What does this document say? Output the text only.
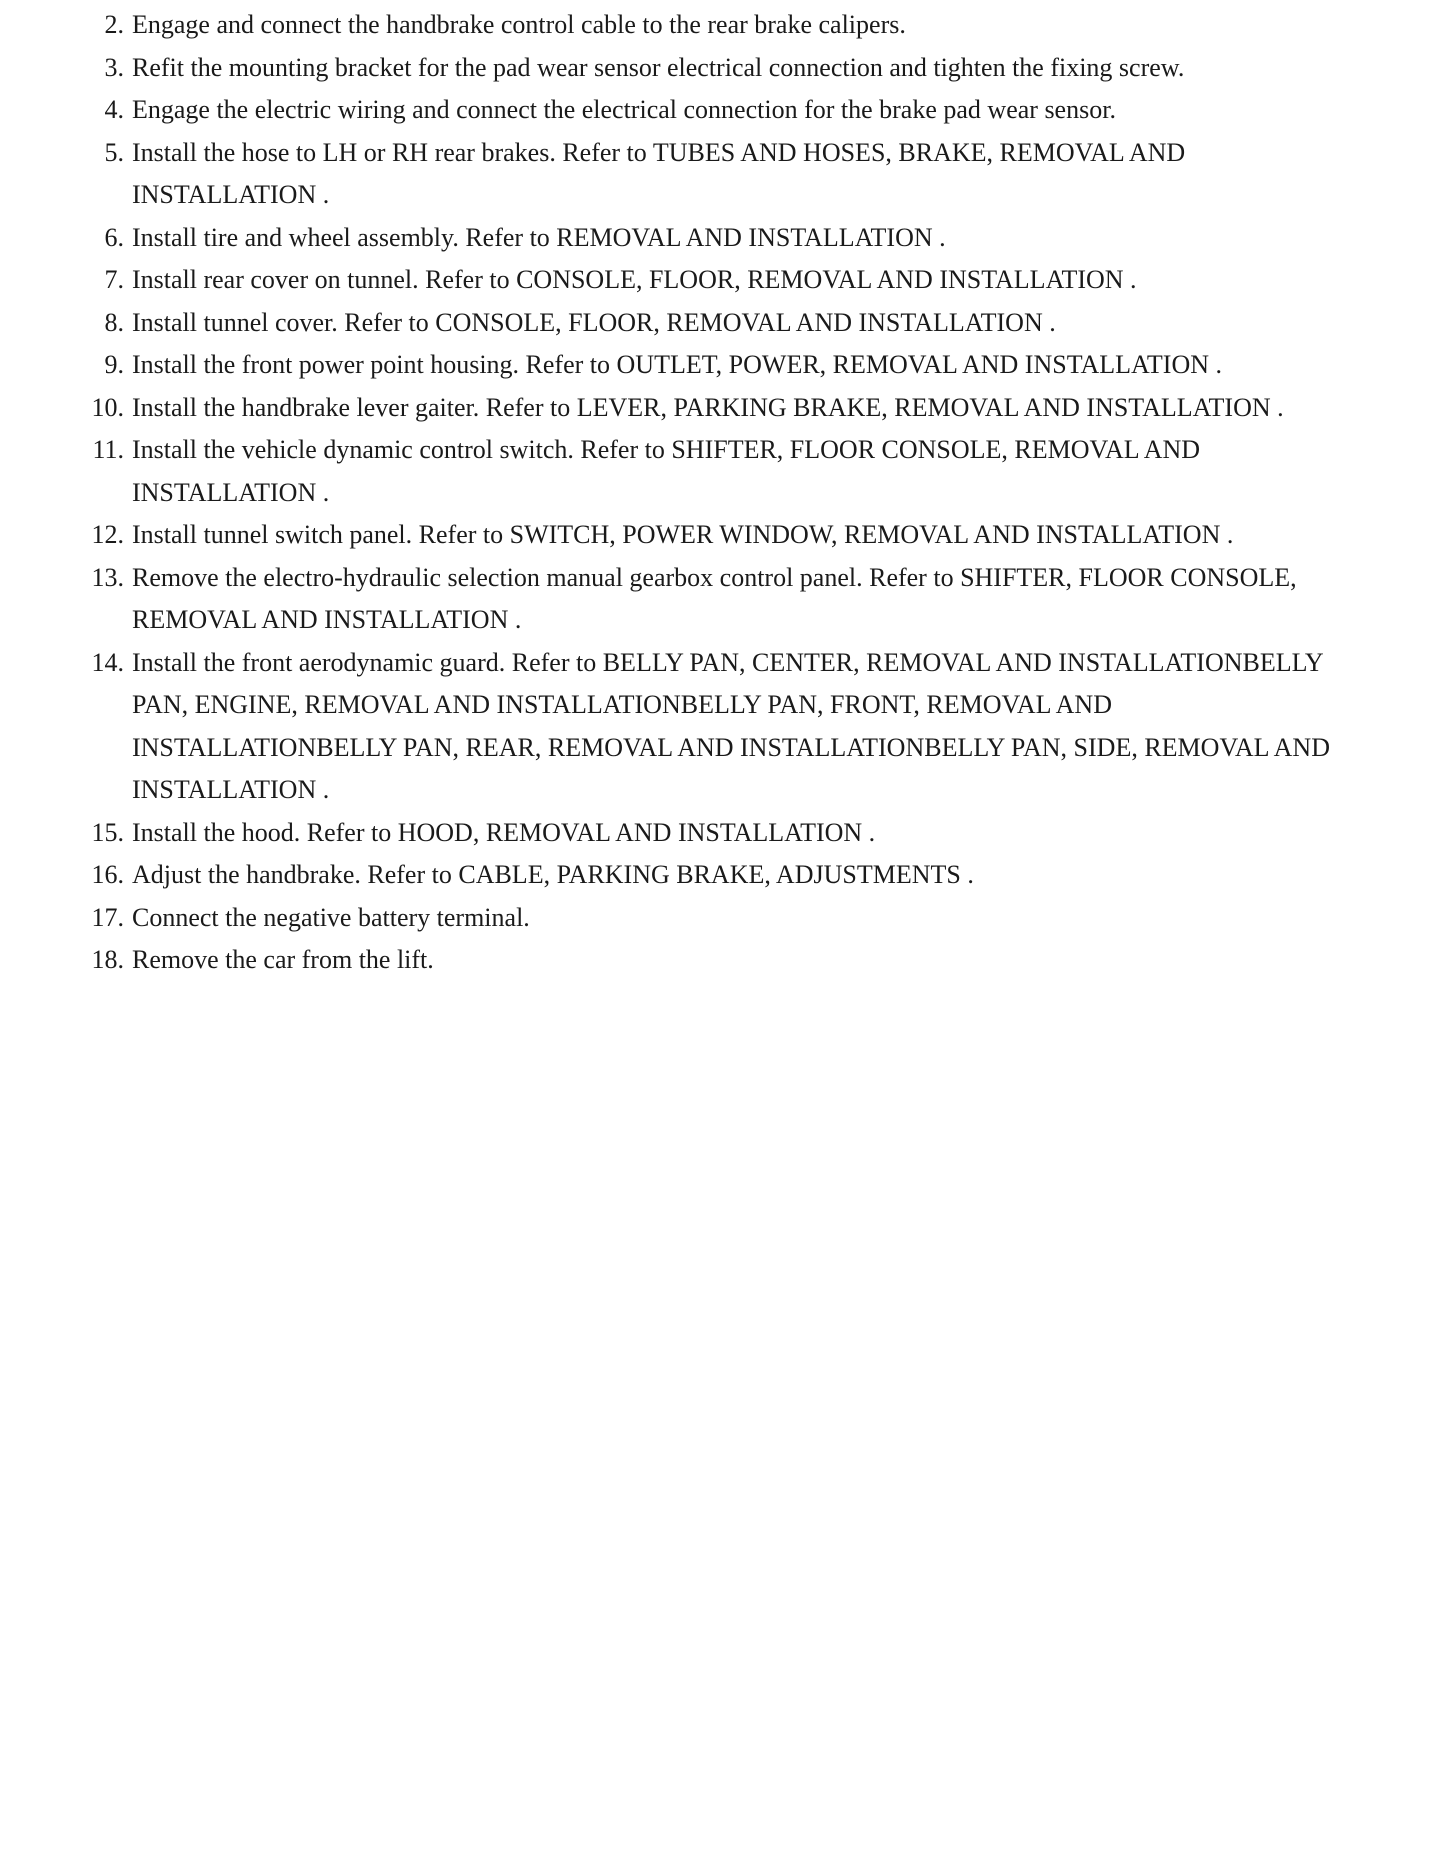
2. Engage and connect the handbrake control cable to the rear brake calipers.
3. Refit the mounting bracket for the pad wear sensor electrical connection and tighten the fixing screw.
4. Engage the electric wiring and connect the electrical connection for the brake pad wear sensor.
5. Install the hose to LH or RH rear brakes. Refer to TUBES AND HOSES, BRAKE, REMOVAL AND INSTALLATION .
6. Install tire and wheel assembly. Refer to REMOVAL AND INSTALLATION .
7. Install rear cover on tunnel. Refer to CONSOLE, FLOOR, REMOVAL AND INSTALLATION .
8. Install tunnel cover. Refer to CONSOLE, FLOOR, REMOVAL AND INSTALLATION .
9. Install the front power point housing. Refer to OUTLET, POWER, REMOVAL AND INSTALLATION .
10. Install the handbrake lever gaiter. Refer to LEVER, PARKING BRAKE, REMOVAL AND INSTALLATION .
11. Install the vehicle dynamic control switch. Refer to SHIFTER, FLOOR CONSOLE, REMOVAL AND INSTALLATION .
12. Install tunnel switch panel. Refer to SWITCH, POWER WINDOW, REMOVAL AND INSTALLATION .
13. Remove the electro-hydraulic selection manual gearbox control panel. Refer to SHIFTER, FLOOR CONSOLE, REMOVAL AND INSTALLATION .
14. Install the front aerodynamic guard. Refer to BELLY PAN, CENTER, REMOVAL AND INSTALLATIONBELLY PAN, ENGINE, REMOVAL AND INSTALLATIONBELLY PAN, FRONT, REMOVAL AND INSTALLATIONBELLY PAN, REAR, REMOVAL AND INSTALLATIONBELLY PAN, SIDE, REMOVAL AND INSTALLATION .
15. Install the hood. Refer to HOOD, REMOVAL AND INSTALLATION .
16. Adjust the handbrake. Refer to CABLE, PARKING BRAKE, ADJUSTMENTS .
17. Connect the negative battery terminal.
18. Remove the car from the lift.
